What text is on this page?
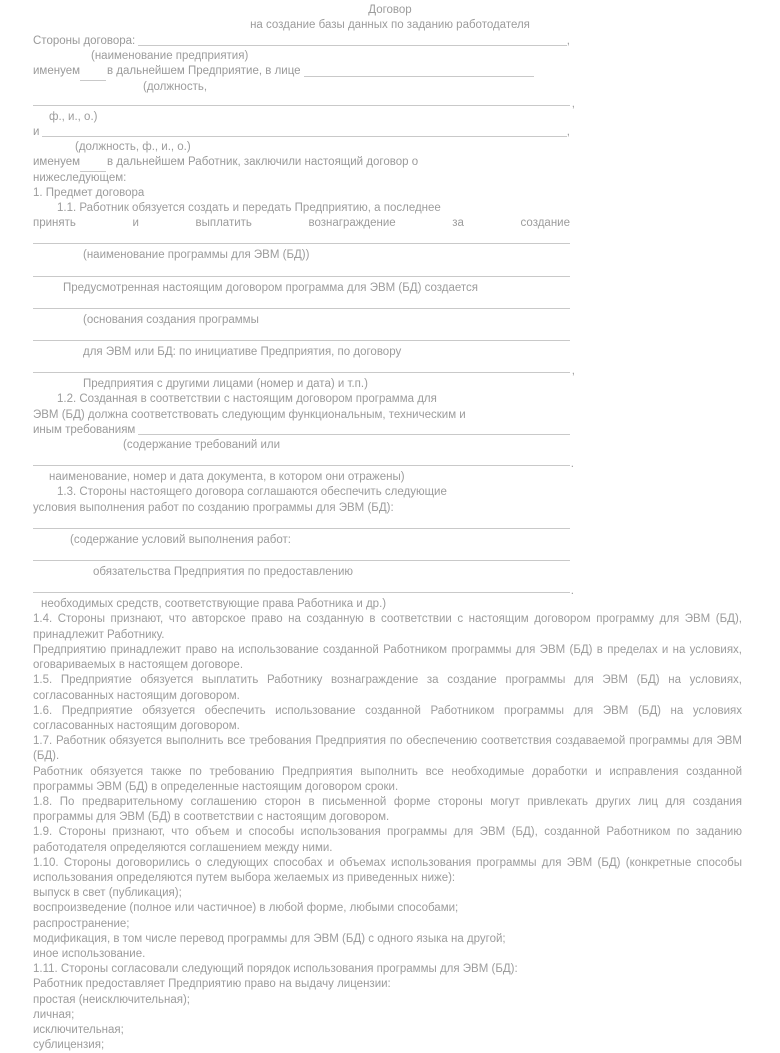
Договор
на создание базы данных по заданию работодателя
Стороны договора:	,
(наименование предприятия)
именуем в дальнейшем Предприятие, в лице
(должность,
,
ф., и., о.)
и	,
(должность, ф., и., о.)
именуем в дальнейшем Работник, заключили настоящий договор о
нижеследующем:
1. Предмет договора
1.1. Работник обязуется создать и передать Предприятию, а последнее
принять и выплатить вознаграждение за создание
(наименование программы для ЭВМ (БД))
Предусмотренная настоящим договором программа для ЭВМ (БД) создается
(основания создания программы
для ЭВМ или БД: по инициативе Предприятия, по договору
,
Предприятия с другими лицами (номер и дата) и т.п.)
1.2. Созданная в соответствии с настоящим договором программа для
ЭВМ (БД) должна соответствовать следующим функциональным, техническим и
иным требованиям
(содержание требований или
.
наименование, номер и дата документа, в котором они отражены)
1.3. Стороны настоящего договора соглашаются обеспечить следующие
условия выполнения работ по созданию программы для ЭВМ (БД):
(содержание условий выполнения работ:
обязательства Предприятия по предоставлению
.
необходимых средств, соответствующие права Работника и др.)

1.4. Стороны признают, что авторское право на созданную в соответствии с настоящим договором программу для ЭВМ (БД), принадлежит Работнику.

Предприятию принадлежит право на использование созданной Работником программы для ЭВМ (БД) в пределах и на условиях, оговариваемых в настоящем договоре.

1.5. Предприятие обязуется выплатить Работнику вознаграждение за создание программы для ЭВМ (БД) на условиях, согласованных настоящим договором.

1.6. Предприятие обязуется обеспечить использование созданной Работником программы для ЭВМ (БД) на условиях согласованных настоящим договором.

1.7. Работник обязуется выполнить все требования Предприятия по обеспечению соответствия создаваемой программы для ЭВМ (БД).

Работник обязуется также по требованию Предприятия выполнить все необходимые доработки и исправления созданной программы ЭВМ (БД) в определенные настоящим договором сроки.

1.8. По предварительному соглашению сторон в письменной форме стороны могут привлекать других лиц для создания программы для ЭВМ (БД) в соответствии с настоящим договором.

1.9. Стороны признают, что объем и способы использования программы для ЭВМ (БД), созданной Работником по заданию работодателя определяются соглашением между ними.

1.10. Стороны договорились о следующих способах и объемах использования программы для ЭВМ (БД) (конкретные способы использования определяются путем выбора желаемых из приведенных ниже):

выпуск в свет (публикация);

воспроизведение (полное или частичное) в любой форме, любыми способами;

распространение;

модификация, в том числе перевод программы для ЭВМ (БД) с одного языка на другой;

иное использование.

1.11. Стороны согласовали следующий порядок использования программы для ЭВМ (БД):

Работник предоставляет Предприятию право на выдачу лицензии:

простая (неисключительная);

личная;

исключительная;

сублицензия;
